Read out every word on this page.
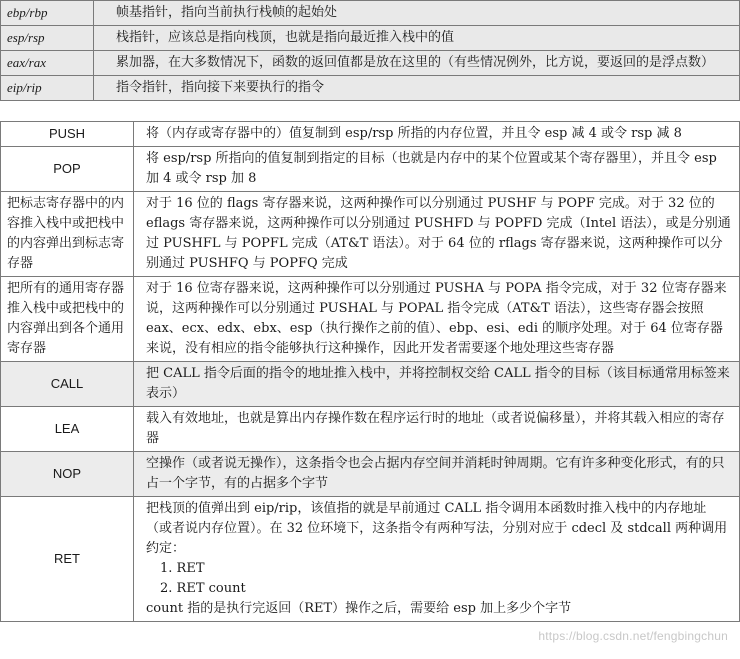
ebp/rbp	帧基指针，指向当前执行栈帧的起始处
esp/rsp	栈指针，应该总是指向栈顶，也就是指向最近推入栈中的值
eax/rax	累加器，在大多数情况下，函数的返回值都是放在这里的（有些情况例外，比方说，要返回的是浮点数）
eip/rip	指令指针，指向接下来要执行的指令
PUSH	将（内存或寄存器中的）值复制到 esp/rsp 所指的内存位置，并且令 esp 减 4 或令 rsp 减 8
POP	将 esp/rsp 所指向的值复制到指定的目标（也就是内存中的某个位置或某个寄存器里），并且令 esp 加 4 或令 rsp 加 8
把标志寄存器中的内容推入栈中或把栈中的内容弹出到标志寄存器	对于 16 位的 flags 寄存器来说，这两种操作可以分别通过 PUSHF 与 POPF 完成。对于 32 位的 eflags 寄存器来说，这两种操作可以分别通过 PUSHFD 与 POPFD 完成（Intel 语法），或是分别通过 PUSHFL 与 POPFL 完成（AT&T 语法）。对于 64 位的 rflags 寄存器来说，这两种操作可以分别通过 PUSHFQ 与 POPFQ 完成
把所有的通用寄存器推入栈中或把栈中的内容弹出到各个通用寄存器	对于 16 位寄存器来说，这两种操作可以分别通过 PUSHA 与 POPA 指令完成，对于 32 位寄存器来说，这两种操作可以分别通过 PUSHAL 与 POPAL 指令完成（AT&T 语法），这些寄存器会按照 eax、ecx、edx、ebx、esp（执行操作之前的值）、ebp、esi、edi 的顺序处理。对于 64 位寄存器来说，没有相应的指令能够执行这种操作，因此开发者需要逐个地处理这些寄存器
CALL	把 CALL 指令后面的指令的地址推入栈中，并将控制权交给 CALL 指令的目标（该目标通常用标签来表示）
LEA	载入有效地址，也就是算出内存操作数在程序运行时的地址（或者说偏移量），并将其载入相应的寄存器
NOP	空操作（或者说无操作），这条指令也会占据内存空间并消耗时钟周期。它有许多种变化形式，有的只占一个字节，有的占据多个字节
RET	把栈顶的值弹出到 eip/rip，该值指的就是早前通过 CALL 指令调用本函数时推入栈中的内存地址（或者说内存位置）。在 32 位环境下，这条指令有两种写法，分别对应于 cdecl 及 stdcall 两种调用约定：
1. RET
2. RET count
count 指的是执行完返回（RET）操作之后，需要给 esp 加上多少个字节
https://blog.csdn.net/fengbingchun
